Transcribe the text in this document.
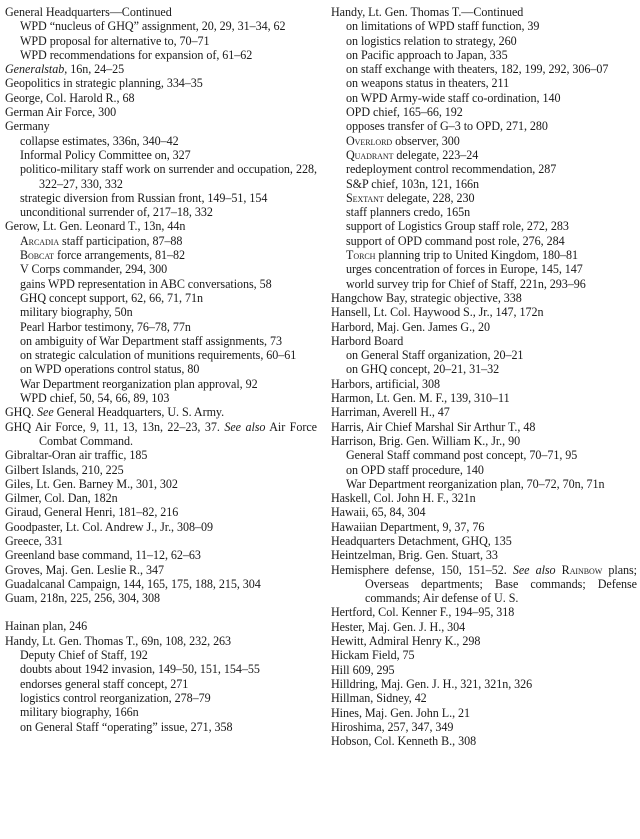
General Headquarters—Continued
WPD “nucleus of GHQ” assignment, 20, 29, 31–34, 62
WPD proposal for alternative to, 70–71
WPD recommendations for expansion of, 61–62
Generalstab, 16n, 24–25
Geopolitics in strategic planning, 334–35
George, Col. Harold R., 68
German Air Force, 300
Germany
collapse estimates, 336n, 340–42
Informal Policy Committee on, 327
politico-military staff work on surrender and occupation, 228, 322–27, 330, 332
strategic diversion from Russian front, 149–51, 154
unconditional surrender of, 217–18, 332
Gerow, Lt. Gen. Leonard T., 13n, 44n
Arcadia staff participation, 87–88
Bobcat force arrangements, 81–82
V Corps commander, 294, 300
gains WPD representation in ABC conversations, 58
GHQ concept support, 62, 66, 71, 71n
military biography, 50n
Pearl Harbor testimony, 76–78, 77n
on ambiguity of War Department staff assignments, 73
on strategic calculation of munitions requirements, 60–61
on WPD operations control status, 80
War Department reorganization plan approval, 92
WPD chief, 50, 54, 66, 89, 103
GHQ. See General Headquarters, U. S. Army.
GHQ Air Force, 9, 11, 13, 13n, 22–23, 37. See also Air Force Combat Command.
Gibraltar-Oran air traffic, 185
Gilbert Islands, 210, 225
Giles, Lt. Gen. Barney M., 301, 302
Gilmer, Col. Dan, 182n
Giraud, General Henri, 181–82, 216
Goodpaster, Lt. Col. Andrew J., Jr., 308–09
Greece, 331
Greenland base command, 11–12, 62–63
Groves, Maj. Gen. Leslie R., 347
Guadalcanal Campaign, 144, 165, 175, 188, 215, 304
Guam, 218n, 225, 256, 304, 308
Hainan plan, 246
Handy, Lt. Gen. Thomas T., 69n, 108, 232, 263
Deputy Chief of Staff, 192
doubts about 1942 invasion, 149–50, 151, 154–55
endorses general staff concept, 271
logistics control reorganization, 278–79
military biography, 166n
on General Staff “operating” issue, 271, 358
Handy, Lt. Gen. Thomas T.—Continued
on limitations of WPD staff function, 39
on logistics relation to strategy, 260
on Pacific approach to Japan, 335
on staff exchange with theaters, 182, 199, 292, 306–07
on weapons status in theaters, 211
on WPD Army-wide staff co-ordination, 140
OPD chief, 165–66, 192
opposes transfer of G–3 to OPD, 271, 280
Overlord observer, 300
Quadrant delegate, 223–24
redeployment control recommendation, 287
S&P chief, 103n, 121, 166n
Sextant delegate, 228, 230
staff planners credo, 165n
support of Logistics Group staff role, 272, 283
support of OPD command post role, 276, 284
Torch planning trip to United Kingdom, 180–81
urges concentration of forces in Europe, 145, 147
world survey trip for Chief of Staff, 221n, 293–96
Hangchow Bay, strategic objective, 338
Hansell, Lt. Col. Haywood S., Jr., 147, 172n
Harbord, Maj. Gen. James G., 20
Harbord Board
on General Staff organization, 20–21
on GHQ concept, 20–21, 31–32
Harbors, artificial, 308
Harmon, Lt. Gen. M. F., 139, 310–11
Harriman, Averell H., 47
Harris, Air Chief Marshal Sir Arthur T., 48
Harrison, Brig. Gen. William K., Jr., 90
General Staff command post concept, 70–71, 95
on OPD staff procedure, 140
War Department reorganization plan, 70–72, 70n, 71n
Haskell, Col. John H. F., 321n
Hawaii, 65, 84, 304
Hawaiian Department, 9, 37, 76
Headquarters Detachment, GHQ, 135
Heintzelman, Brig. Gen. Stuart, 33
Hemisphere defense, 150, 151–52. See also Rainbow plans; Overseas departments; Base commands; Defense commands; Air defense of U. S.
Hertford, Col. Kenner F., 194–95, 318
Hester, Maj. Gen. J. H., 304
Hewitt, Admiral Henry K., 298
Hickam Field, 75
Hill 609, 295
Hilldring, Maj. Gen. J. H., 321, 321n, 326
Hillman, Sidney, 42
Hines, Maj. Gen. John L., 21
Hiroshima, 257, 347, 349
Hobson, Col. Kenneth B., 308
